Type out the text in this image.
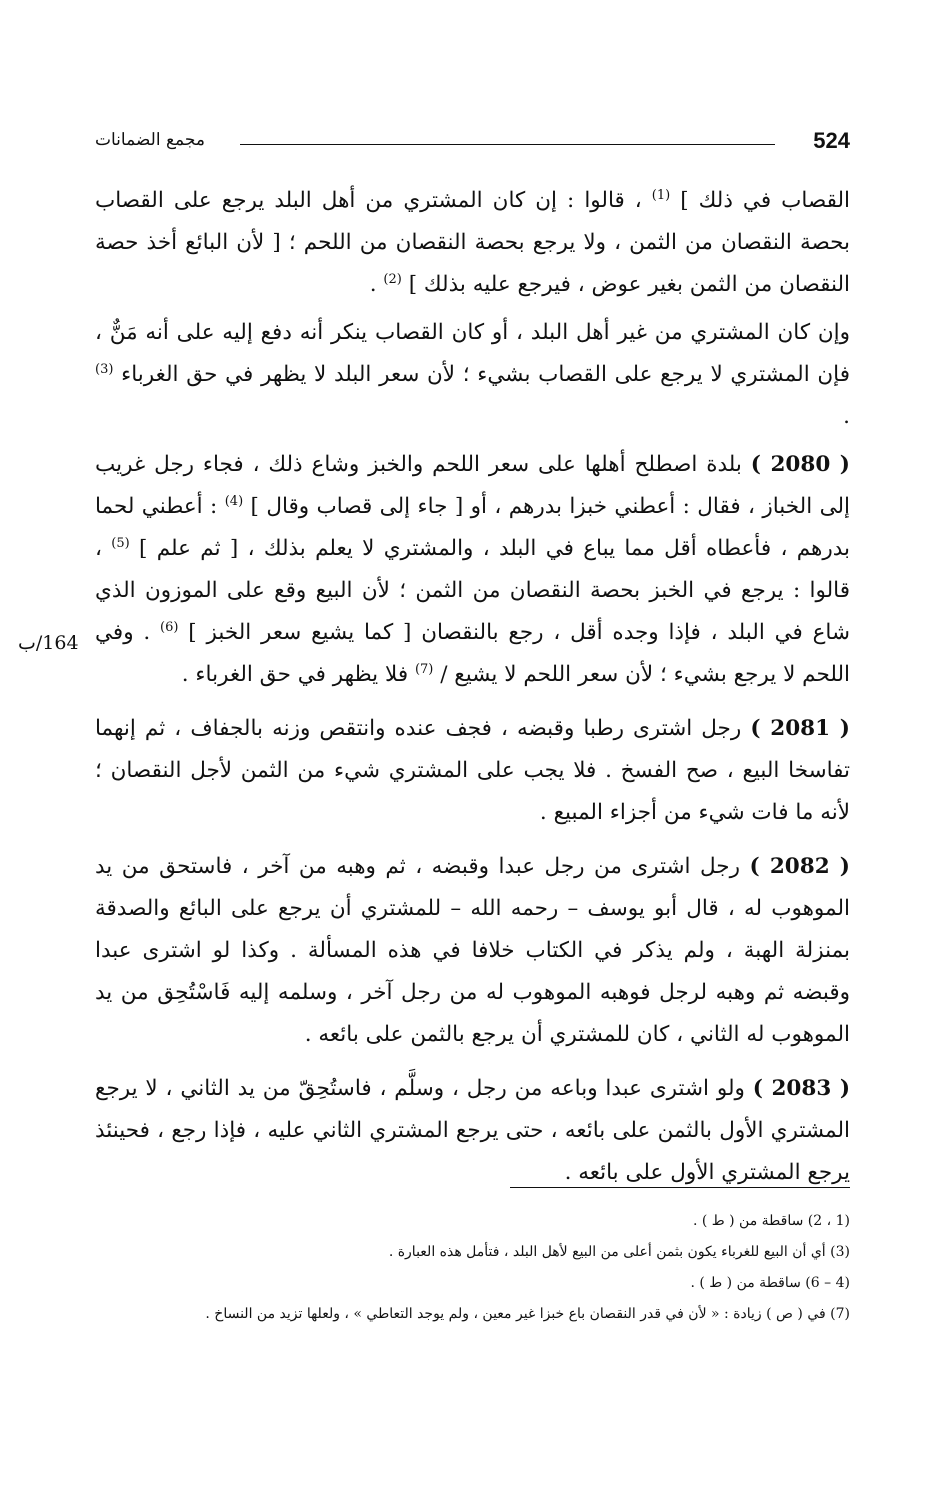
524
مجمع الضمانات
164/ب

القصاب في ذلك ] $^{(1)}$ ، قالوا : إن كان المشتري من أهل البلد يرجع على القصاب بحصة النقصان من الثمن ، ولا يرجع بحصة النقصان من اللحم ؛ [ لأن البائع أخذ حصة النقصان من الثمن بغير عوض ، فيرجع عليه بذلك ] $^{(2)}$ .

وإن كان المشتري من غير أهل البلد ، أو كان القصاب ينكر أنه دفع إليه على أنه مَنٌّ ، فإن المشتري لا يرجع على القصاب بشيء ؛ لأن سعر البلد لا يظهر في حق الغرباء $^{(3)}$ .

( 2080 ) بلدة اصطلح أهلها على سعر اللحم والخبز وشاع ذلك ، فجاء رجل غريب إلى الخباز ، فقال : أعطني خبزا بدرهم ، أو [ جاء إلى قصاب وقال ] $^{(4)}$ : أعطني لحما بدرهم ، فأعطاه أقل مما يباع في البلد ، والمشتري لا يعلم بذلك ، [ ثم علم ] $^{(5)}$ ، قالوا : يرجع في الخبز بحصة النقصان من الثمن ؛ لأن البيع وقع على الموزون الذي شاع في البلد ، فإذا وجده أقل ، رجع بالنقصان [ كما يشيع سعر الخبز ] $^{(6)}$ . وفي اللحم لا يرجع بشيء ؛ لأن سعر اللحم لا يشيع / $^{(7)}$ فلا يظهر في حق الغرباء .

( 2081 ) رجل اشترى رطبا وقبضه ، فجف عنده وانتقص وزنه بالجفاف ، ثم إنهما تفاسخا البيع ، صح الفسخ . فلا يجب على المشتري شيء من الثمن لأجل النقصان ؛ لأنه ما فات شيء من أجزاء المبيع .

( 2082 ) رجل اشترى من رجل عبدا وقبضه ، ثم وهبه من آخر ، فاستحق من يد الموهوب له ، قال أبو يوسف – رحمه الله – للمشتري أن يرجع على البائع والصدقة بمنزلة الهبة ، ولم يذكر في الكتاب خلافا في هذه المسألة . وكذا لو اشترى عبدا وقبضه ثم وهبه لرجل فوهبه الموهوب له من رجل آخر ، وسلمه إليه فَاسْتُحِق من يد الموهوب له الثاني ، كان للمشتري أن يرجع بالثمن على بائعه .

( 2083 ) ولو اشترى عبدا وباعه من رجل ، وسلَّم ، فاستُحِقّ من يد الثاني ، لا يرجع المشتري الأول بالثمن على بائعه ، حتى يرجع المشتري الثاني عليه ، فإذا رجع ، فحينئذ يرجع المشتري الأول على بائعه .

(1 ، 2) ساقطة من ( ط ) .
(3) أي أن البيع للغرباء يكون بثمن أعلى من البيع لأهل البلد ، فتأمل هذه العبارة .
(4 – 6) ساقطة من ( ط ) .
(7) في ( ص ) زيادة : « لأن في قدر النقصان باع خبزا غير معين ، ولم يوجد التعاطي » ، ولعلها تزيد من النساخ .
